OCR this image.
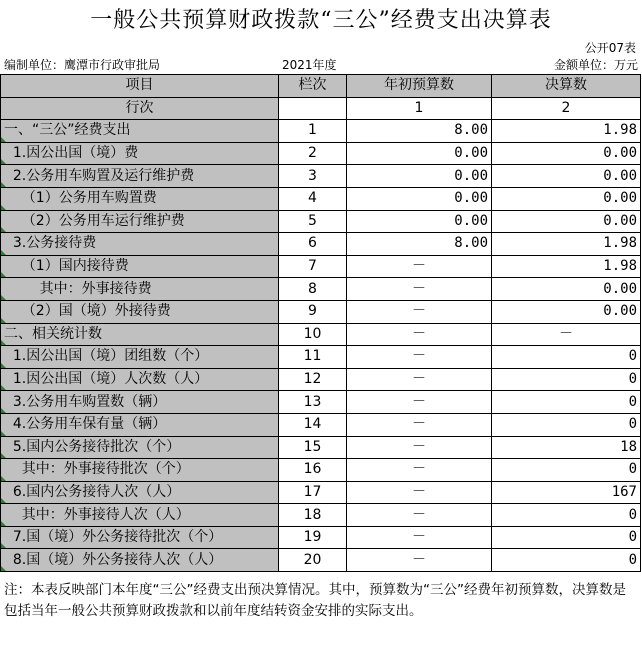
一般公共预算财政拨款“三公”经费支出决算表
公开07表
编制单位：鹰潭市行政审批局	2021年度	金额单位：万元
项目	栏次	年初预算数	决算数
行次		1	2
一、“三公”经费支出	1	8.00	1.98
1.因公出国（境）费	2	0.00	0.00
2.公务用车购置及运行维护费	3	0.00	0.00
（1）公务用车购置费	4	0.00	0.00
（2）公务用车运行维护费	5	0.00	0.00
3.公务接待费	6	8.00	1.98
（1）国内接待费	7	－	1.98
其中：外事接待费	8	－	0.00
（2）国（境）外接待费	9	－	0.00
二、相关统计数	10	－	－
1.因公出国（境）团组数（个）	11	－	0
1.因公出国（境）人次数（人）	12	－	0
3.公务用车购置数（辆）	13	－	0
4.公务用车保有量（辆）	14	－	0
5.国内公务接待批次（个）	15	－	18
其中：外事接待批次（个）	16	－	0
6.国内公务接待人次（人）	17	－	167
其中：外事接待人次（人）	18	－	0
7.国（境）外公务接待批次（个）	19	－	0
8.国（境）外公务接待人次（人）	20	－	0
注：本表反映部门本年度“三公”经费支出预决算情况。其中，预算数为“三公”经费年初预算数，决算数是包括当年一般公共预算财政拨款和以前年度结转资金安排的实际支出。
